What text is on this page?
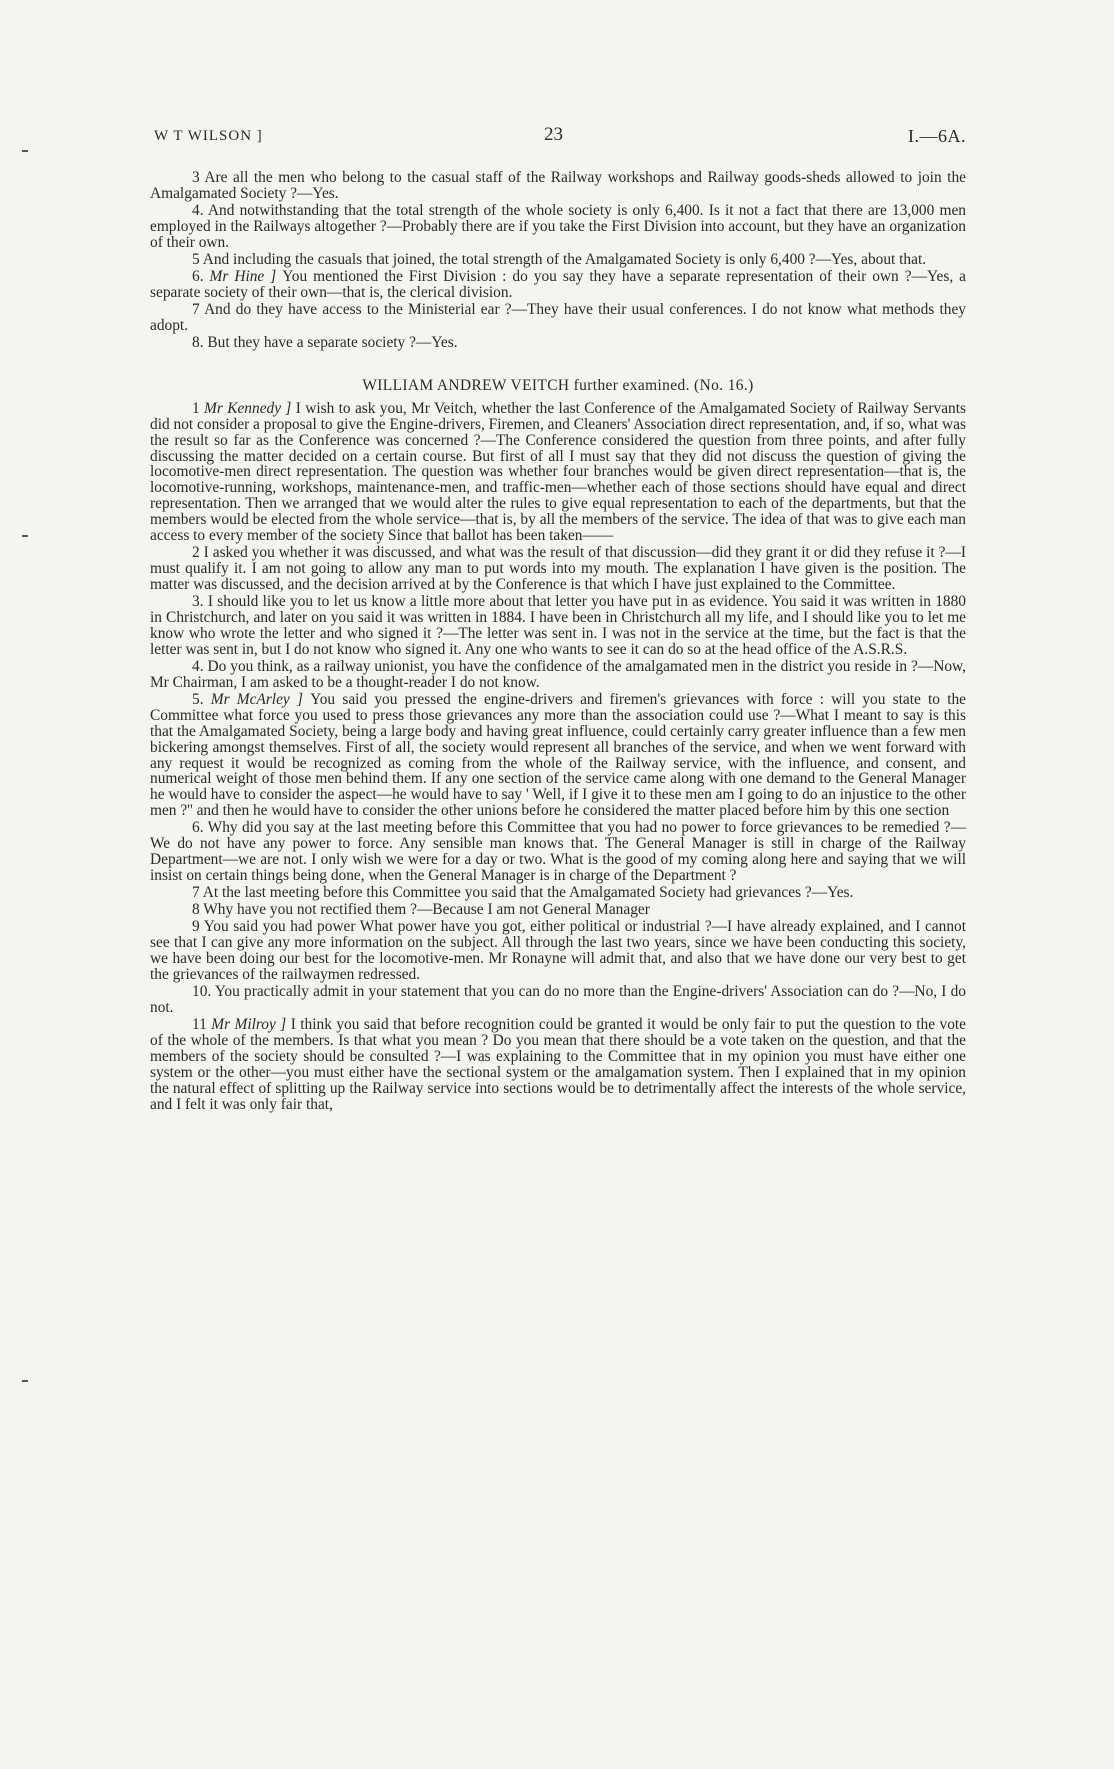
W T WILSON ]	23	I.—6A.

3 Are all the men who belong to the casual staff of the Railway workshops and Railway goods-sheds allowed to join the Amalgamated Society ?—Yes.

4. And notwithstanding that the total strength of the whole society is only 6,400. Is it not a fact that there are 13,000 men employed in the Railways altogether ?—Probably there are if you take the First Division into account, but they have an organization of their own.

5 And including the casuals that joined, the total strength of the Amalgamated Society is only 6,400 ?—Yes, about that.

6. Mr Hine ] You mentioned the First Division : do you say they have a separate representation of their own ?—Yes, a separate society of their own—that is, the clerical division.

7 And do they have access to the Ministerial ear ?—They have their usual conferences. I do not know what methods they adopt.

8. But they have a separate society ?—Yes.

WILLIAM ANDREW VEITCH further examined. (No. 16.)

1 Mr Kennedy ] I wish to ask you, Mr Veitch, whether the last Conference of the Amalgamated Society of Railway Servants did not consider a proposal to give the Engine-drivers, Firemen, and Cleaners' Association direct representation, and, if so, what was the result so far as the Conference was concerned ?—The Conference considered the question from three points, and after fully discussing the matter decided on a certain course. But first of all I must say that they did not discuss the question of giving the locomotive-men direct representation. The question was whether four branches would be given direct representation—that is, the locomotive-running, workshops, maintenance-men, and traffic-men—whether each of those sections should have equal and direct representation. Then we arranged that we would alter the rules to give equal representation to each of the departments, but that the members would be elected from the whole service—that is, by all the members of the service. The idea of that was to give each man access to every member of the society Since that ballot has been taken——

2 I asked you whether it was discussed, and what was the result of that discussion—did they grant it or did they refuse it ?—I must qualify it. I am not going to allow any man to put words into my mouth. The explanation I have given is the position. The matter was discussed, and the decision arrived at by the Conference is that which I have just explained to the Committee.

3. I should like you to let us know a little more about that letter you have put in as evidence. You said it was written in 1880 in Christchurch, and later on you said it was written in 1884. I have been in Christchurch all my life, and I should like you to let me know who wrote the letter and who signed it ?—The letter was sent in. I was not in the service at the time, but the fact is that the letter was sent in, but I do not know who signed it. Any one who wants to see it can do so at the head office of the A.S.R.S.

4. Do you think, as a railway unionist, you have the confidence of the amalgamated men in the district you reside in ?—Now, Mr Chairman, I am asked to be a thought-reader I do not know.

5. Mr McArley ] You said you pressed the engine-drivers and firemen's grievances with force : will you state to the Committee what force you used to press those grievances any more than the association could use ?—What I meant to say is this that the Amalgamated Society, being a large body and having great influence, could certainly carry greater influence than a few men bickering amongst themselves. First of all, the society would represent all branches of the service, and when we went forward with any request it would be recognized as coming from the whole of the Railway service, with the influence, and consent, and numerical weight of those men behind them. If any one section of the service came along with one demand to the General Manager he would have to consider the aspect—he would have to say ' Well, if I give it to these men am I going to do an injustice to the other men ?'' and then he would have to consider the other unions before he considered the matter placed before him by this one section

6. Why did you say at the last meeting before this Committee that you had no power to force grievances to be remedied ?—We do not have any power to force. Any sensible man knows that. The General Manager is still in charge of the Railway Department—we are not. I only wish we were for a day or two. What is the good of my coming along here and saying that we will insist on certain things being done, when the General Manager is in charge of the Department ?

7 At the last meeting before this Committee you said that the Amalgamated Society had grievances ?—Yes.

8 Why have you not rectified them ?—Because I am not General Manager

9 You said you had power What power have you got, either political or industrial ?—I have already explained, and I cannot see that I can give any more information on the subject. All through the last two years, since we have been conducting this society, we have been doing our best for the locomotive-men. Mr Ronayne will admit that, and also that we have done our very best to get the grievances of the railwaymen redressed.

10. You practically admit in your statement that you can do no more than the Engine-drivers' Association can do ?—No, I do not.

11 Mr Milroy ] I think you said that before recognition could be granted it would be only fair to put the question to the vote of the whole of the members. Is that what you mean ? Do you mean that there should be a vote taken on the question, and that the members of the society should be consulted ?—I was explaining to the Committee that in my opinion you must have either one system or the other—you must either have the sectional system or the amalgamation system. Then I explained that in my opinion the natural effect of splitting up the Railway service into sections would be to detrimentally affect the interests of the whole service, and I felt it was only fair that,
